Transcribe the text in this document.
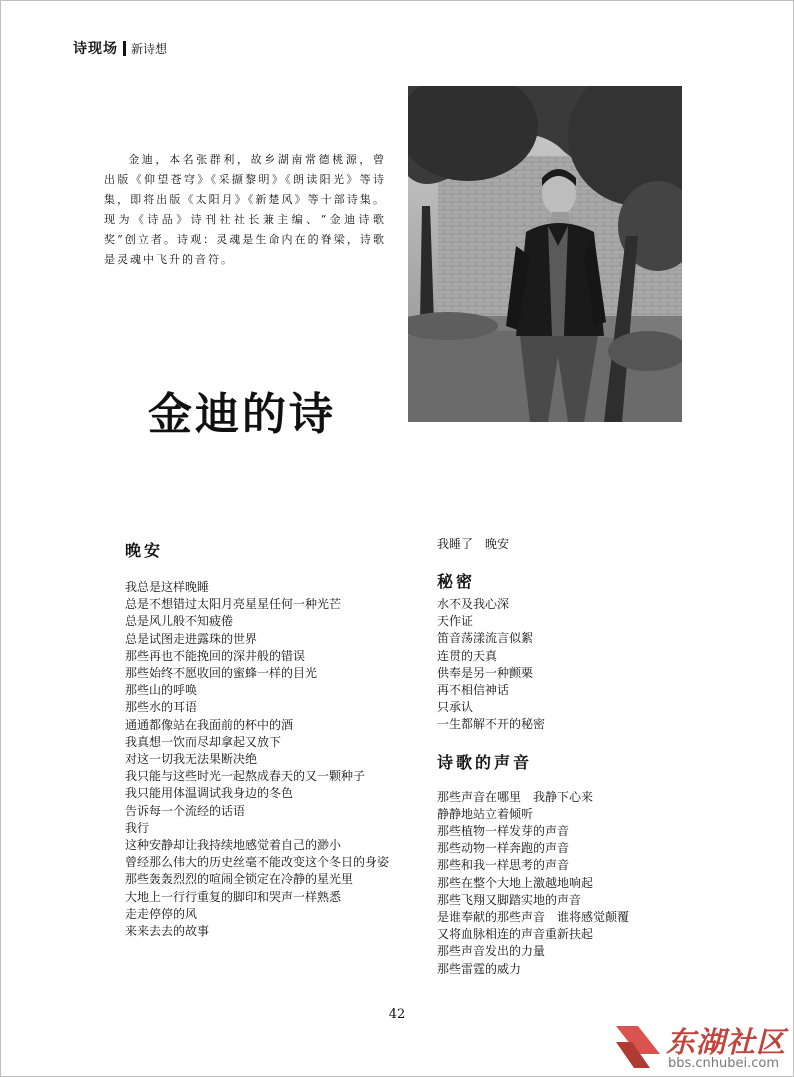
诗现场 新诗想

金迪，本名张群利，故乡湖南常德桃源，曾出版《仰望苍穹》《采撷黎明》《朗读阳光》等诗集，即将出版《太阳月》《新楚风》等十部诗集。现为《诗品》诗刊社社长兼主编、“金迪诗歌奖”创立者。诗观：灵魂是生命内在的脊梁，诗歌是灵魂中飞升的音符。

金迪的诗
晚安
我总是这样晚睡
总是不想错过太阳月亮星星任何一种光芒
总是风儿般不知疲倦
总是试图走进露珠的世界
那些再也不能挽回的深井般的错误
那些始终不愿收回的蜜蜂一样的目光
那些山的呼唤
那些水的耳语
通通都像站在我面前的杯中的酒
我真想一饮而尽却拿起又放下
对这一切我无法果断决绝
我只能与这些时光一起熬成春天的又一颗种子
我只能用体温调试我身边的冬色
告诉每一个流经的话语
我行
这种安静却让我持续地感觉着自己的渺小
曾经那么伟大的历史丝毫不能改变这个冬日的身姿
那些轰轰烈烈的喧闹全锁定在冷静的星光里
大地上一行行重复的脚印和哭声一样熟悉
走走停停的风
来来去去的故事
我睡了　晚安
秘密
水不及我心深
天作证
笛音荡漾流言似絮
连贯的天真
供奉是另一种颤栗
再不相信神话
只承认
一生都解不开的秘密
诗歌的声音
那些声音在哪里　我静下心来
静静地站立着倾听
那些植物一样发芽的声音
那些动物一样奔跑的声音
那些和我一样思考的声音
那些在整个大地上激越地响起
那些飞翔又脚踏实地的声音
是谁奉献的那些声音　谁将感觉颠覆
又将血脉相连的声音重新扶起
那些声音发出的力量
那些雷霆的威力
42
东湖社区
bbs.cnhubei.com
